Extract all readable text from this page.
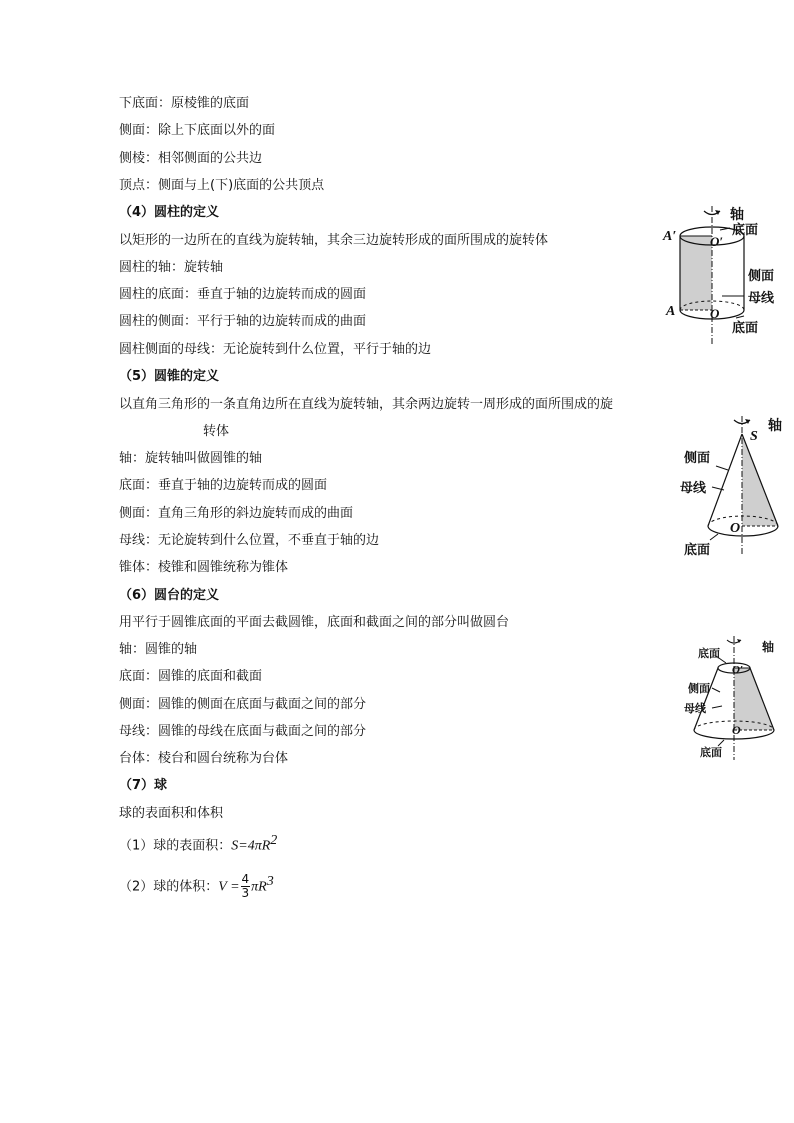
下底面：原棱锥的底面
侧面：除上下底面以外的面
侧棱：相邻侧面的公共边
顶点：侧面与上(下)底面的公共顶点
（4）圆柱的定义
以矩形的一边所在的直线为旋转轴，其余三边旋转形成的面所围成的旋转体
圆柱的轴：旋转轴
圆柱的底面：垂直于轴的边旋转而成的圆面
圆柱的侧面：平行于轴的边旋转而成的曲面
圆柱侧面的母线：无论旋转到什么位置，平行于轴的边
（5）圆锥的定义
以直角三角形的一条直角边所在直线为旋转轴，其余两边旋转一周形成的面所围成的旋
转体
轴：旋转轴叫做圆锥的轴
底面：垂直于轴的边旋转而成的圆面
侧面：直角三角形的斜边旋转而成的曲面
母线：无论旋转到什么位置，不垂直于轴的边
锥体：棱锥和圆锥统称为锥体
（6）圆台的定义
用平行于圆锥底面的平面去截圆锥，底面和截面之间的部分叫做圆台
轴：圆锥的轴
底面：圆锥的底面和截面
侧面：圆锥的侧面在底面与截面之间的部分
母线：圆锥的母线在底面与截面之间的部分
台体：棱台和圆台统称为台体
（7）球
球的表面积和体积
（1）球的表面积：$S=4\pi R^2$
（2）球的体积：$V = \frac{4}{3} \pi R^3$
轴
底面
侧面
母线
底面
A′	O′
A	O
轴
S
侧面
母线
O
底面
底面	轴
O′
侧面
母线
O
底面
